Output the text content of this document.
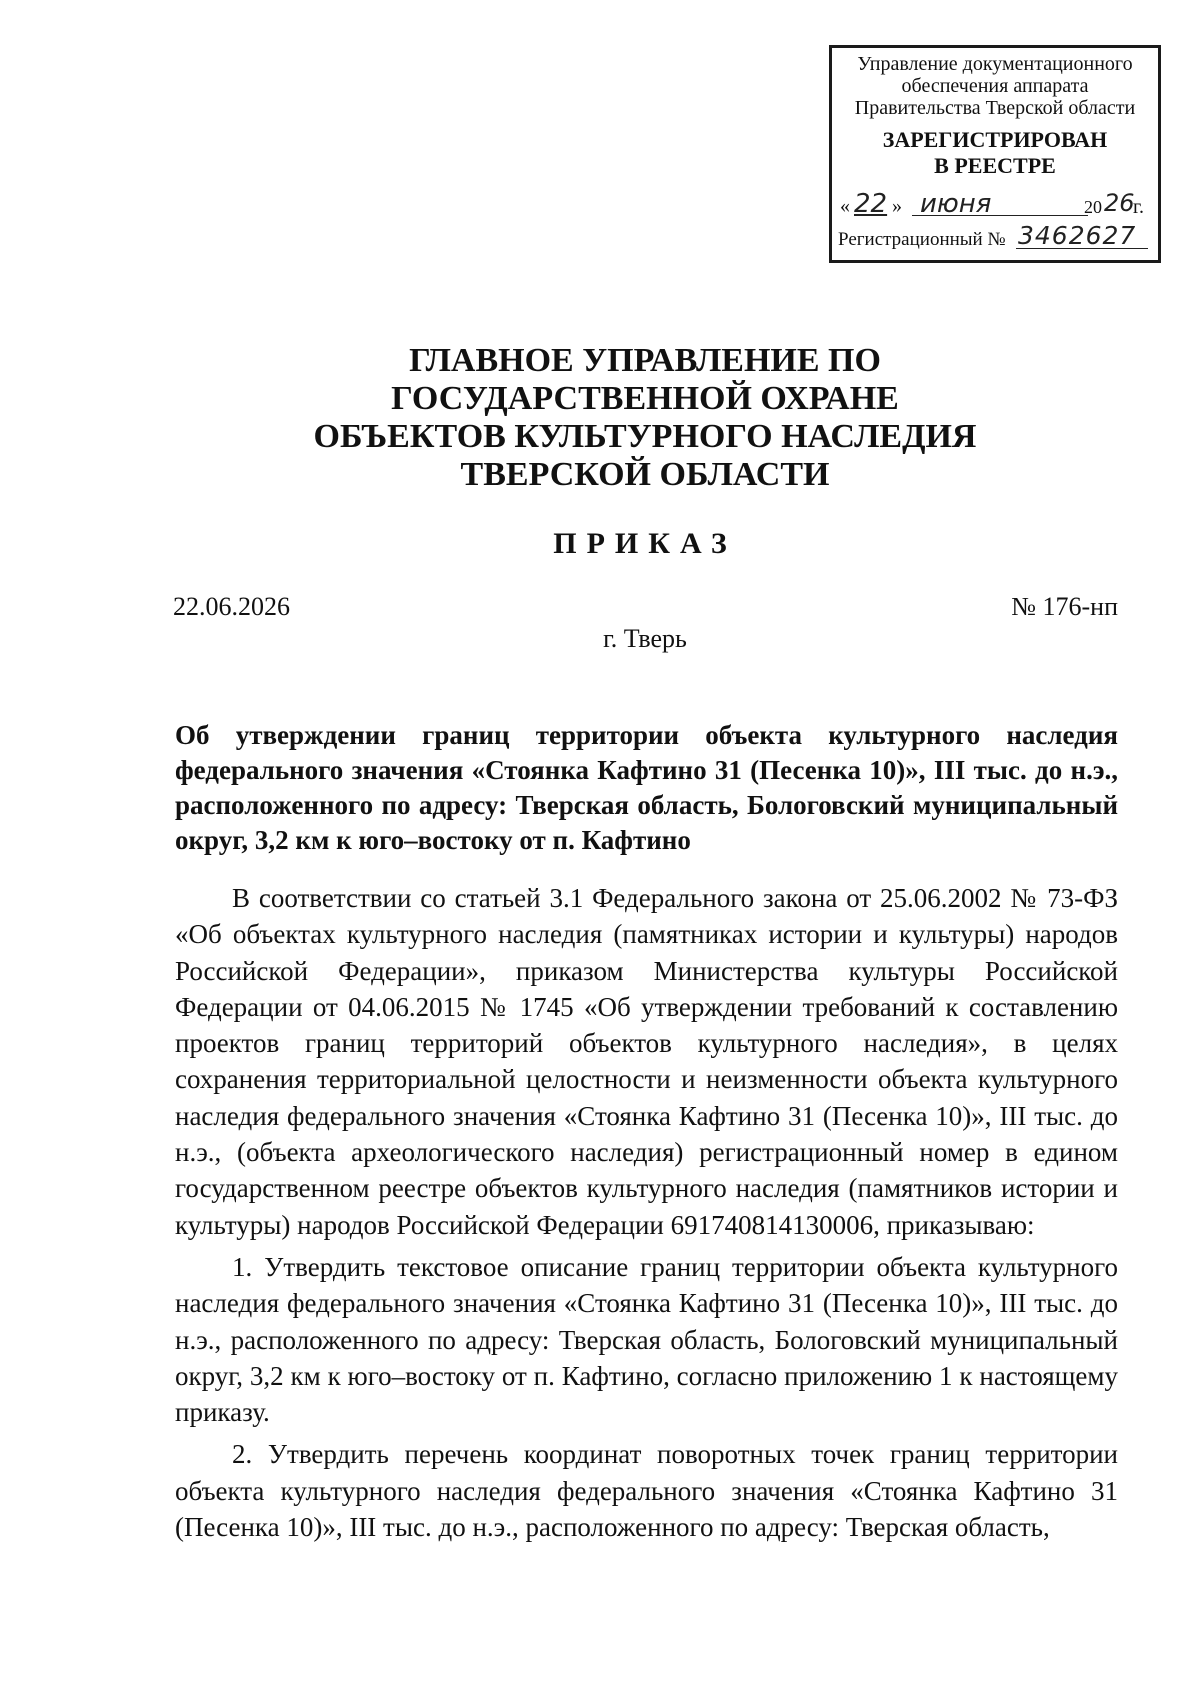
Управление документационного
обеспечения аппарата
Правительства Тверской области
ЗАРЕГИСТРИРОВАН
В РЕЕСТРЕ
« 22 » июня	20 26
г.
Регистрационный № 3462627
ГЛАВНОЕ УПРАВЛЕНИЕ ПО
ГОСУДАРСТВЕННОЙ ОХРАНЕ
ОБЪЕКТОВ КУЛЬТУРНОГО НАСЛЕДИЯ
ТВЕРСКОЙ ОБЛАСТИ
ПРИКАЗ
22.06.2026	№ 176-нп
г. Тверь
Об утверждении границ территории объекта культурного наследия федерального значения «Стоянка Кафтино 31 (Песенка 10)», III тыс. до н.э., расположенного по адресу: Тверская область, Бологовский муниципальный округ, 3,2 км к юго–востоку от п. Кафтино

В соответствии со статьей 3.1 Федерального закона от 25.06.2002 № 73-ФЗ «Об объектах культурного наследия (памятниках истории и культуры) народов Российской Федерации», приказом Министерства культуры Российской Федерации от 04.06.2015 № 1745 «Об утверждении требований к составлению проектов границ территорий объектов культурного наследия», в целях сохранения территориальной целостности и неизменности объекта культурного наследия федерального значения «Стоянка Кафтино 31 (Песенка 10)», III тыс. до н.э., (объекта археологического наследия) регистрационный номер в едином государственном реестре объектов культурного наследия (памятников истории и культуры) народов Российской Федерации 691740814130006, приказываю:

1. Утвердить текстовое описание границ территории объекта культурного наследия федерального значения «Стоянка Кафтино 31 (Песенка 10)», III тыс. до н.э., расположенного по адресу: Тверская область, Бологовский муниципальный округ, 3,2 км к юго–востоку от п. Кафтино, согласно приложению 1 к настоящему приказу.

2. Утвердить перечень координат поворотных точек границ территории объекта культурного наследия федерального значения «Стоянка Кафтино 31 (Песенка 10)», III тыс. до н.э., расположенного по адресу: Тверская область,
